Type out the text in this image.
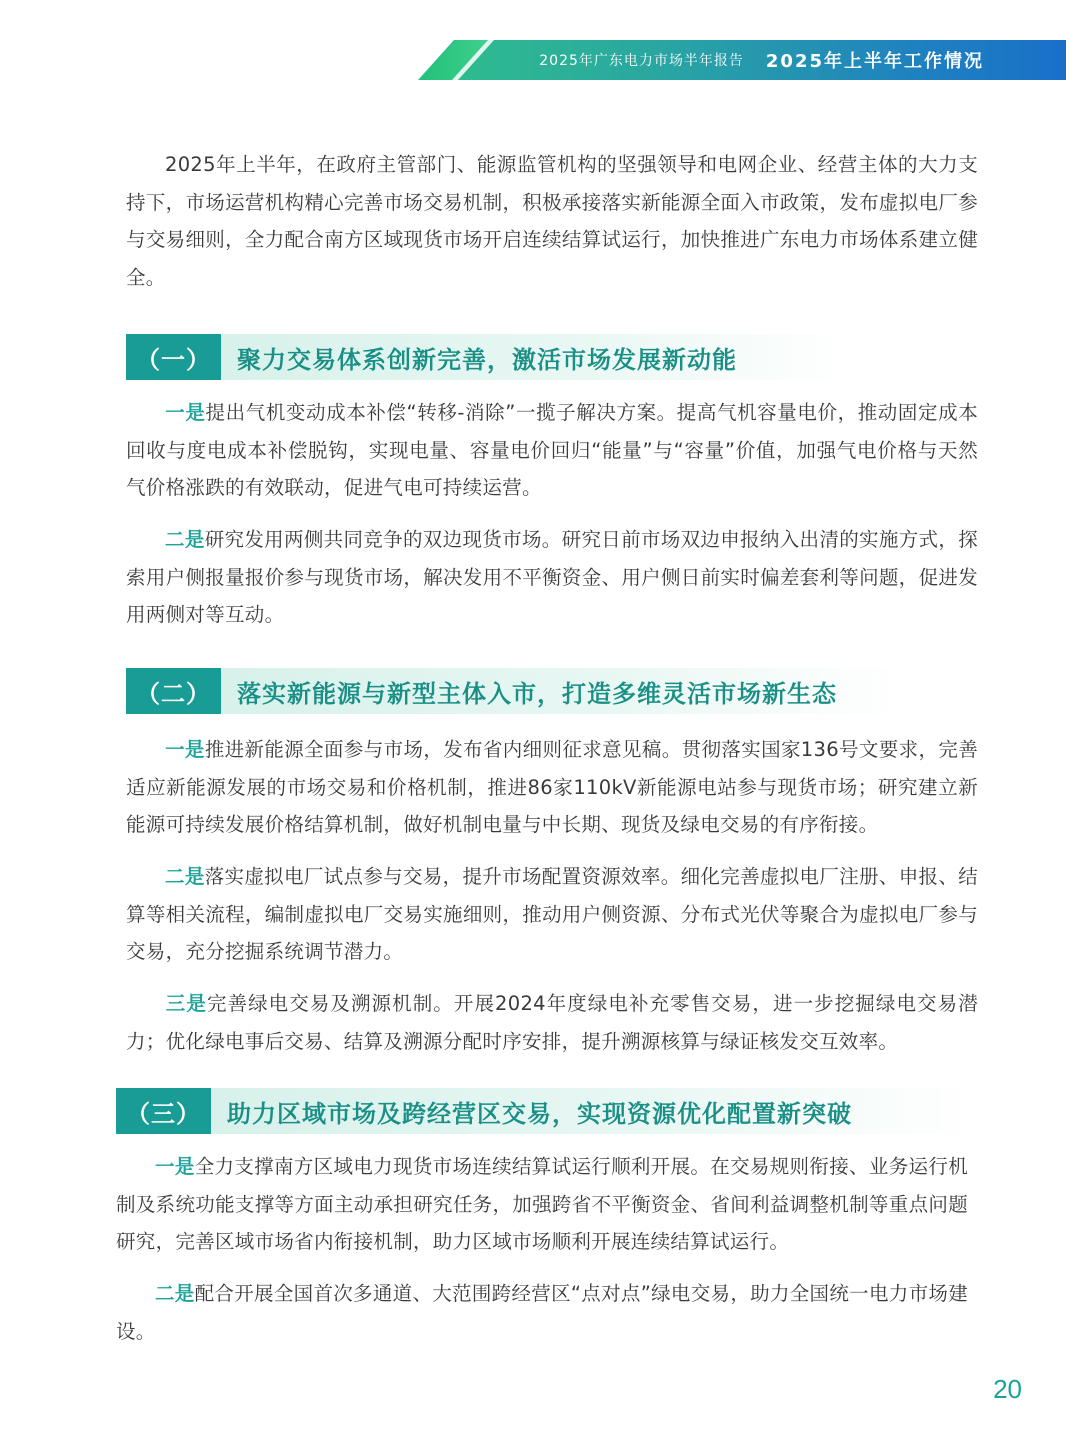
2025年广东电力市场半年报告 2025年上半年工作情况

2025年上半年，在政府主管部门、能源监管机构的坚强领导和电网企业、经营主体的大力支持下，市场运营机构精心完善市场交易机制，积极承接落实新能源全面入市政策，发布虚拟电厂参与交易细则，全力配合南方区域现货市场开启连续结算试运行，加快推进广东电力市场体系建立健全。

（一）	聚力交易体系创新完善，激活市场发展新动能

一是提出气机变动成本补偿“转移-消除”一揽子解决方案。提高气机容量电价，推动固定成本回收与度电成本补偿脱钩，实现电量、容量电价回归“能量”与“容量”价值，加强气电价格与天然气价格涨跌的有效联动，促进气电可持续运营。

二是研究发用两侧共同竞争的双边现货市场。研究日前市场双边申报纳入出清的实施方式，探索用户侧报量报价参与现货市场，解决发用不平衡资金、用户侧日前实时偏差套利等问题，促进发用两侧对等互动。

（二）	落实新能源与新型主体入市，打造多维灵活市场新生态

一是推进新能源全面参与市场，发布省内细则征求意见稿。贯彻落实国家136号文要求，完善适应新能源发展的市场交易和价格机制，推进86家110kV新能源电站参与现货市场；研究建立新能源可持续发展价格结算机制，做好机制电量与中长期、现货及绿电交易的有序衔接。

二是落实虚拟电厂试点参与交易，提升市场配置资源效率。细化完善虚拟电厂注册、申报、结算等相关流程，编制虚拟电厂交易实施细则，推动用户侧资源、分布式光伏等聚合为虚拟电厂参与交易，充分挖掘系统调节潜力。

三是完善绿电交易及溯源机制。开展2024年度绿电补充零售交易，进一步挖掘绿电交易潜力；优化绿电事后交易、结算及溯源分配时序安排，提升溯源核算与绿证核发交互效率。

（三）	助力区域市场及跨经营区交易，实现资源优化配置新突破

一是全力支撑南方区域电力现货市场连续结算试运行顺利开展。在交易规则衔接、业务运行机制及系统功能支撑等方面主动承担研究任务，加强跨省不平衡资金、省间利益调整机制等重点问题研究，完善区域市场省内衔接机制，助力区域市场顺利开展连续结算试运行。

二是配合开展全国首次多通道、大范围跨经营区“点对点”绿电交易，助力全国统一电力市场建设。

20
